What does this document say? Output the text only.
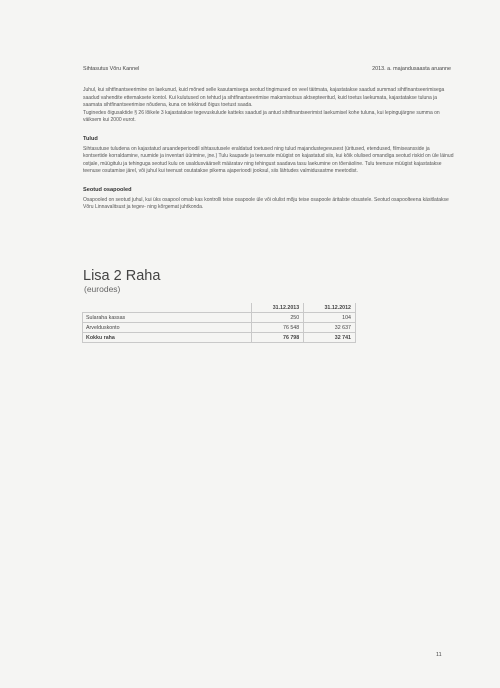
Sihtasutus Võru Kannel	2013. a. majandusaasta aruanne

Juhul, kui sihtfinantseerimine on laekunud, kuid mõned selle kasutamisega seotud tingimused on veel täitmata, kajastatakse saadud summad sihtfinantseerimisega saadud vahendite ettemaksete kontol. Kui kulutused on tehtud ja sihtfinantseerimise maksmisotsus aktsepteeritud, kuid toetus laekumata, kajastatakse tuluna ja saamata sihtfinantseerimise nõudena, kuna on tekkinud õigus toetust saada.

Tuginedes õigusaktide § 26 lõikele 3 kajastatakse tegevuskulude katteks saadud ja antud sihtfinantseerimist laekumisel kohe tuluna, kui lepingujärgne summa on väiksem kui 2000 eurot.

Tulud

Sihtasutuse tuludena on kajastatud aruandeperioodil sihtasutusele eraldatud toetused ning tulud majandustegevusest (üritused, etendused, filmiseansside ja kontsertide korraldamine, ruumide ja inventari üürimine, jne.) Tulu kaupade ja teenuste müügist on kajastatud siis, kui kõik olulised omandiga seotud riskid on üle läinud ostjale, müügitulu ja tehinguga seotud kulu on usaldusväärselt määratav ning tehingust saadava tasu laekumine on tõenäoline. Tulu teenuse müügist kajastatakse teenuse osutamise järel, või juhul kui teenust osutatakse pikema ajaperioodi jooksul, siis lähtudes valmidusastme meetodist.

Seotud osapooled

Osapooled on seotud juhul, kui üks osapool omab kas kontrolli teise osapoole üle või olulist mõju teise osapoole äritalste otsustele. Seotud osapoolteena käsitlatakse Võru Linnavalitsust ja tegev- ning kõrgemat juhtkonda.

Lisa 2 Raha

(eurodes)

	31.12.2013	31.12.2012
Sularaha kassas	250	104
Arvelduskonto	76 548	32 637
Kokku raha	76 798	32 741
11
